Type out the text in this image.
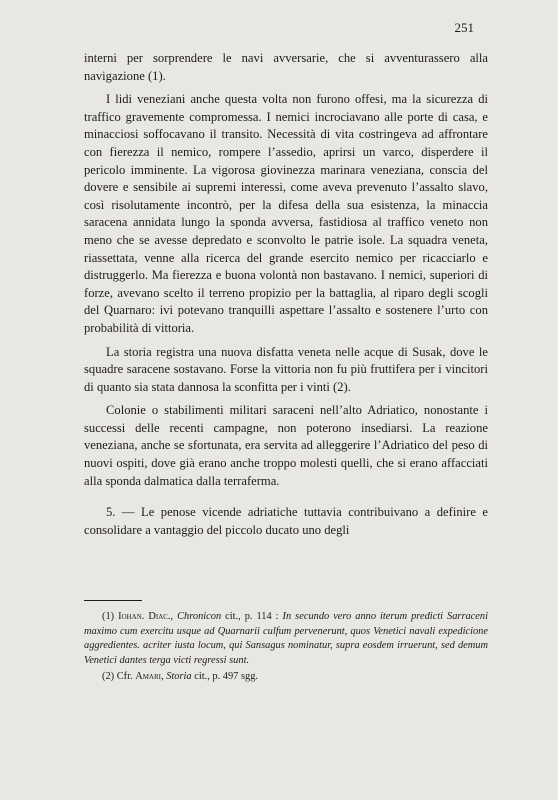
251

interni per sorprendere le navi avversarie, che si avventurassero alla navigazione (1).

I lidi veneziani anche questa volta non furono offesi, ma la sicurezza di traffico gravemente compromessa. I nemici incrociavano alle porte di casa, e minacciosi soffocavano il transito. Necessità di vita costringeva ad affrontare con fierezza il nemico, rompere l’assedio, aprirsi un varco, disperdere il pericolo imminente. La vigorosa giovinezza marinara veneziana, conscia del dovere e sensibile ai supremi interessi, come aveva prevenuto l’assalto slavo, così risolutamente incontrò, per la difesa della sua esistenza, la minaccia saracena annidata lungo la sponda avversa, fastidiosa al traffico veneto non meno che se avesse depredato e sconvolto le patrie isole. La squadra veneta, riassettata, venne alla ricerca del grande esercito nemico per ricacciarlo e distruggerlo. Ma fierezza e buona volontà non bastavano. I nemici, superiori di forze, avevano scelto il terreno propizio per la battaglia, al riparo degli scogli del Quarnaro: ivi potevano tranquilli aspettare l’assalto e sostenere l’urto con probabilità di vittoria.

La storia registra una nuova disfatta veneta nelle acque di Susak, dove le squadre saracene sostavano. Forse la vittoria non fu più fruttifera per i vincitori di quanto sia stata dannosa la sconfitta per i vinti (2).

Colonie o stabilimenti militari saraceni nell’alto Adriatico, nonostante i successi delle recenti campagne, non poterono insediarsi. La reazione veneziana, anche se sfortunata, era servita ad alleggerire l’Adriatico del peso di nuovi ospiti, dove già erano anche troppo molesti quelli, che si erano affacciati alla sponda dalmatica dalla terraferma.

5. — Le penose vicende adriatiche tuttavia contribuivano a definire e consolidare a vantaggio del piccolo ducato uno degli

(1) Iohan. Diac., Chronicon cit., p. 114 : In secundo vero anno iterum predicti Sarraceni maximo cum exercitu usque ad Quarnarii culfum pervenerunt, quos Venetici navali expedicione aggredientes. acriter iusta locum, qui Sansagus nominatur, supra eosdem irruerunt, sed demum Venetici dantes terga victi regressi sunt.

(2) Cfr. Amari, Storia cit., p. 497 sgg.
